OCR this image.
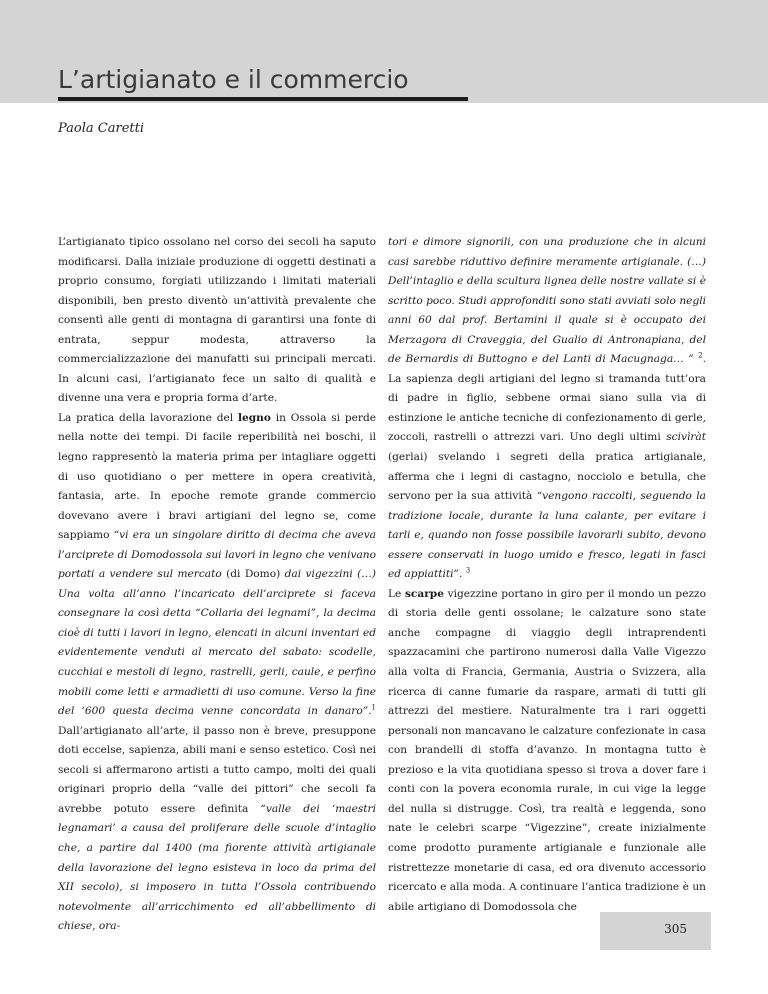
L’artigianato e il commercio
Paola Caretti

L’artigianato tipico ossolano nel corso dei secoli ha saputo modificarsi. Dalla iniziale produzione di oggetti destinati a proprio consumo, forgiati utilizzando i limitati materiali disponibili, ben presto diventò un’attività prevalente che consentì alle genti di montagna di garantirsi una fonte di entrata, seppur modesta, attraverso la commercializzazione dei manufatti sui principali mercati. In alcuni casi, l’artigianato fece un salto di qualità e divenne una vera e propria forma d’arte.
La pratica della lavorazione del legno in Ossola si perde nella notte dei tempi. Di facile reperibilità nei boschi, il legno rappresentò la materia prima per intagliare oggetti di uso quotidiano o per mettere in opera creatività, fantasia, arte. In epoche remote grande commercio dovevano avere i bravi artigiani del legno se, come sappiamo “vi era un singolare diritto di decima che aveva l’arciprete di Domodossola sui lavori in legno che venivano portati a vendere sul mercato (di Domo) dai vigezzini (…) Una volta all’anno l’incaricato dell’arciprete si faceva consegnare la così detta “Collaria dei legnami”, la decima cioè di tutti i lavori in legno, elencati in alcuni inventari ed evidentemente venduti al mercato del sabato: scodelle, cucchiai e mestoli di legno, rastrelli, gerli, caule, e perfino mobili come letti e armadietti di uso comune. Verso la fine del ‘600 questa decima venne concordata in danaro”.$^1$ Dall’artigianato all’arte, il passo non è breve, presuppone doti eccelse, sapienza, abili mani e senso estetico. Così nei secoli si affermarono artisti a tutto campo, molti dei quali originari proprio della “valle dei pittori” che secoli fa avrebbe potuto essere definita “valle dei ‘maestri legnamari’ a causa del proliferare delle scuole d’intaglio che, a partire dal 1400 (ma fiorente attività artigianale della lavorazione del legno esisteva in loco da prima del XII secolo), si imposero in tutta l’Ossola contribuendo notevolmente all’arricchimento ed all’abbellimento di chiese, ora-

tori e dimore signorili, con una produzione che in alcuni casi sarebbe riduttivo definire meramente artigianale. (…) Dell’intaglio e della scultura lignea delle nostre vallate si è scritto poco. Studi approfonditi sono stati avviati solo negli anni 60 dal prof. Bertamini il quale si è occupato dei Merzagora di Craveggia, del Gualio di Antronapiana, del de Bernardis di Buttogno e del Lanti di Macugnaga… ” $^2$. La sapienza degli artigiani del legno si tramanda tutt’ora di padre in figlio, sebbene ormai siano sulla via di estinzione le antiche tecniche di confezionamento di gerle, zoccoli, rastrelli o attrezzi vari. Uno degli ultimi scivìràt (gerlai) svelando i segreti della pratica artigianale, afferma che i legni di castagno, nocciolo e betulla, che servono per la sua attività “vengono raccolti, seguendo la tradizione locale, durante la luna calante, per evitare i tarli e, quando non fosse possibile lavorarli subito, devono essere conservati in luogo umido e fresco, legati in fasci ed appiattiti”. $^3$
Le scarpe vigezzine portano in giro per il mondo un pezzo di storia delle genti ossolane; le calzature sono state anche compagne di viaggio degli intraprendenti spazzacamini che partirono numerosi dalla Valle Vigezzo alla volta di Francia, Germania, Austria o Svizzera, alla ricerca di canne fumarie da raspare, armati di tutti gli attrezzi del mestiere. Naturalmente tra i rari oggetti personali non mancavano le calzature confezionate in casa con brandelli di stoffa d’avanzo. In montagna tutto è prezioso e la vita quotidiana spesso si trova a dover fare i conti con la povera economia rurale, in cui vige la legge del nulla si distrugge. Così, tra realtà e leggenda, sono nate le celebri scarpe “Vigezzine”, create inizialmente come prodotto puramente artigianale e funzionale alle ristrettezze monetarie di casa, ed ora divenuto accessorio ricercato e alla moda. A continuare l’antica tradizione è un abile artigiano di Domodossola che

305
